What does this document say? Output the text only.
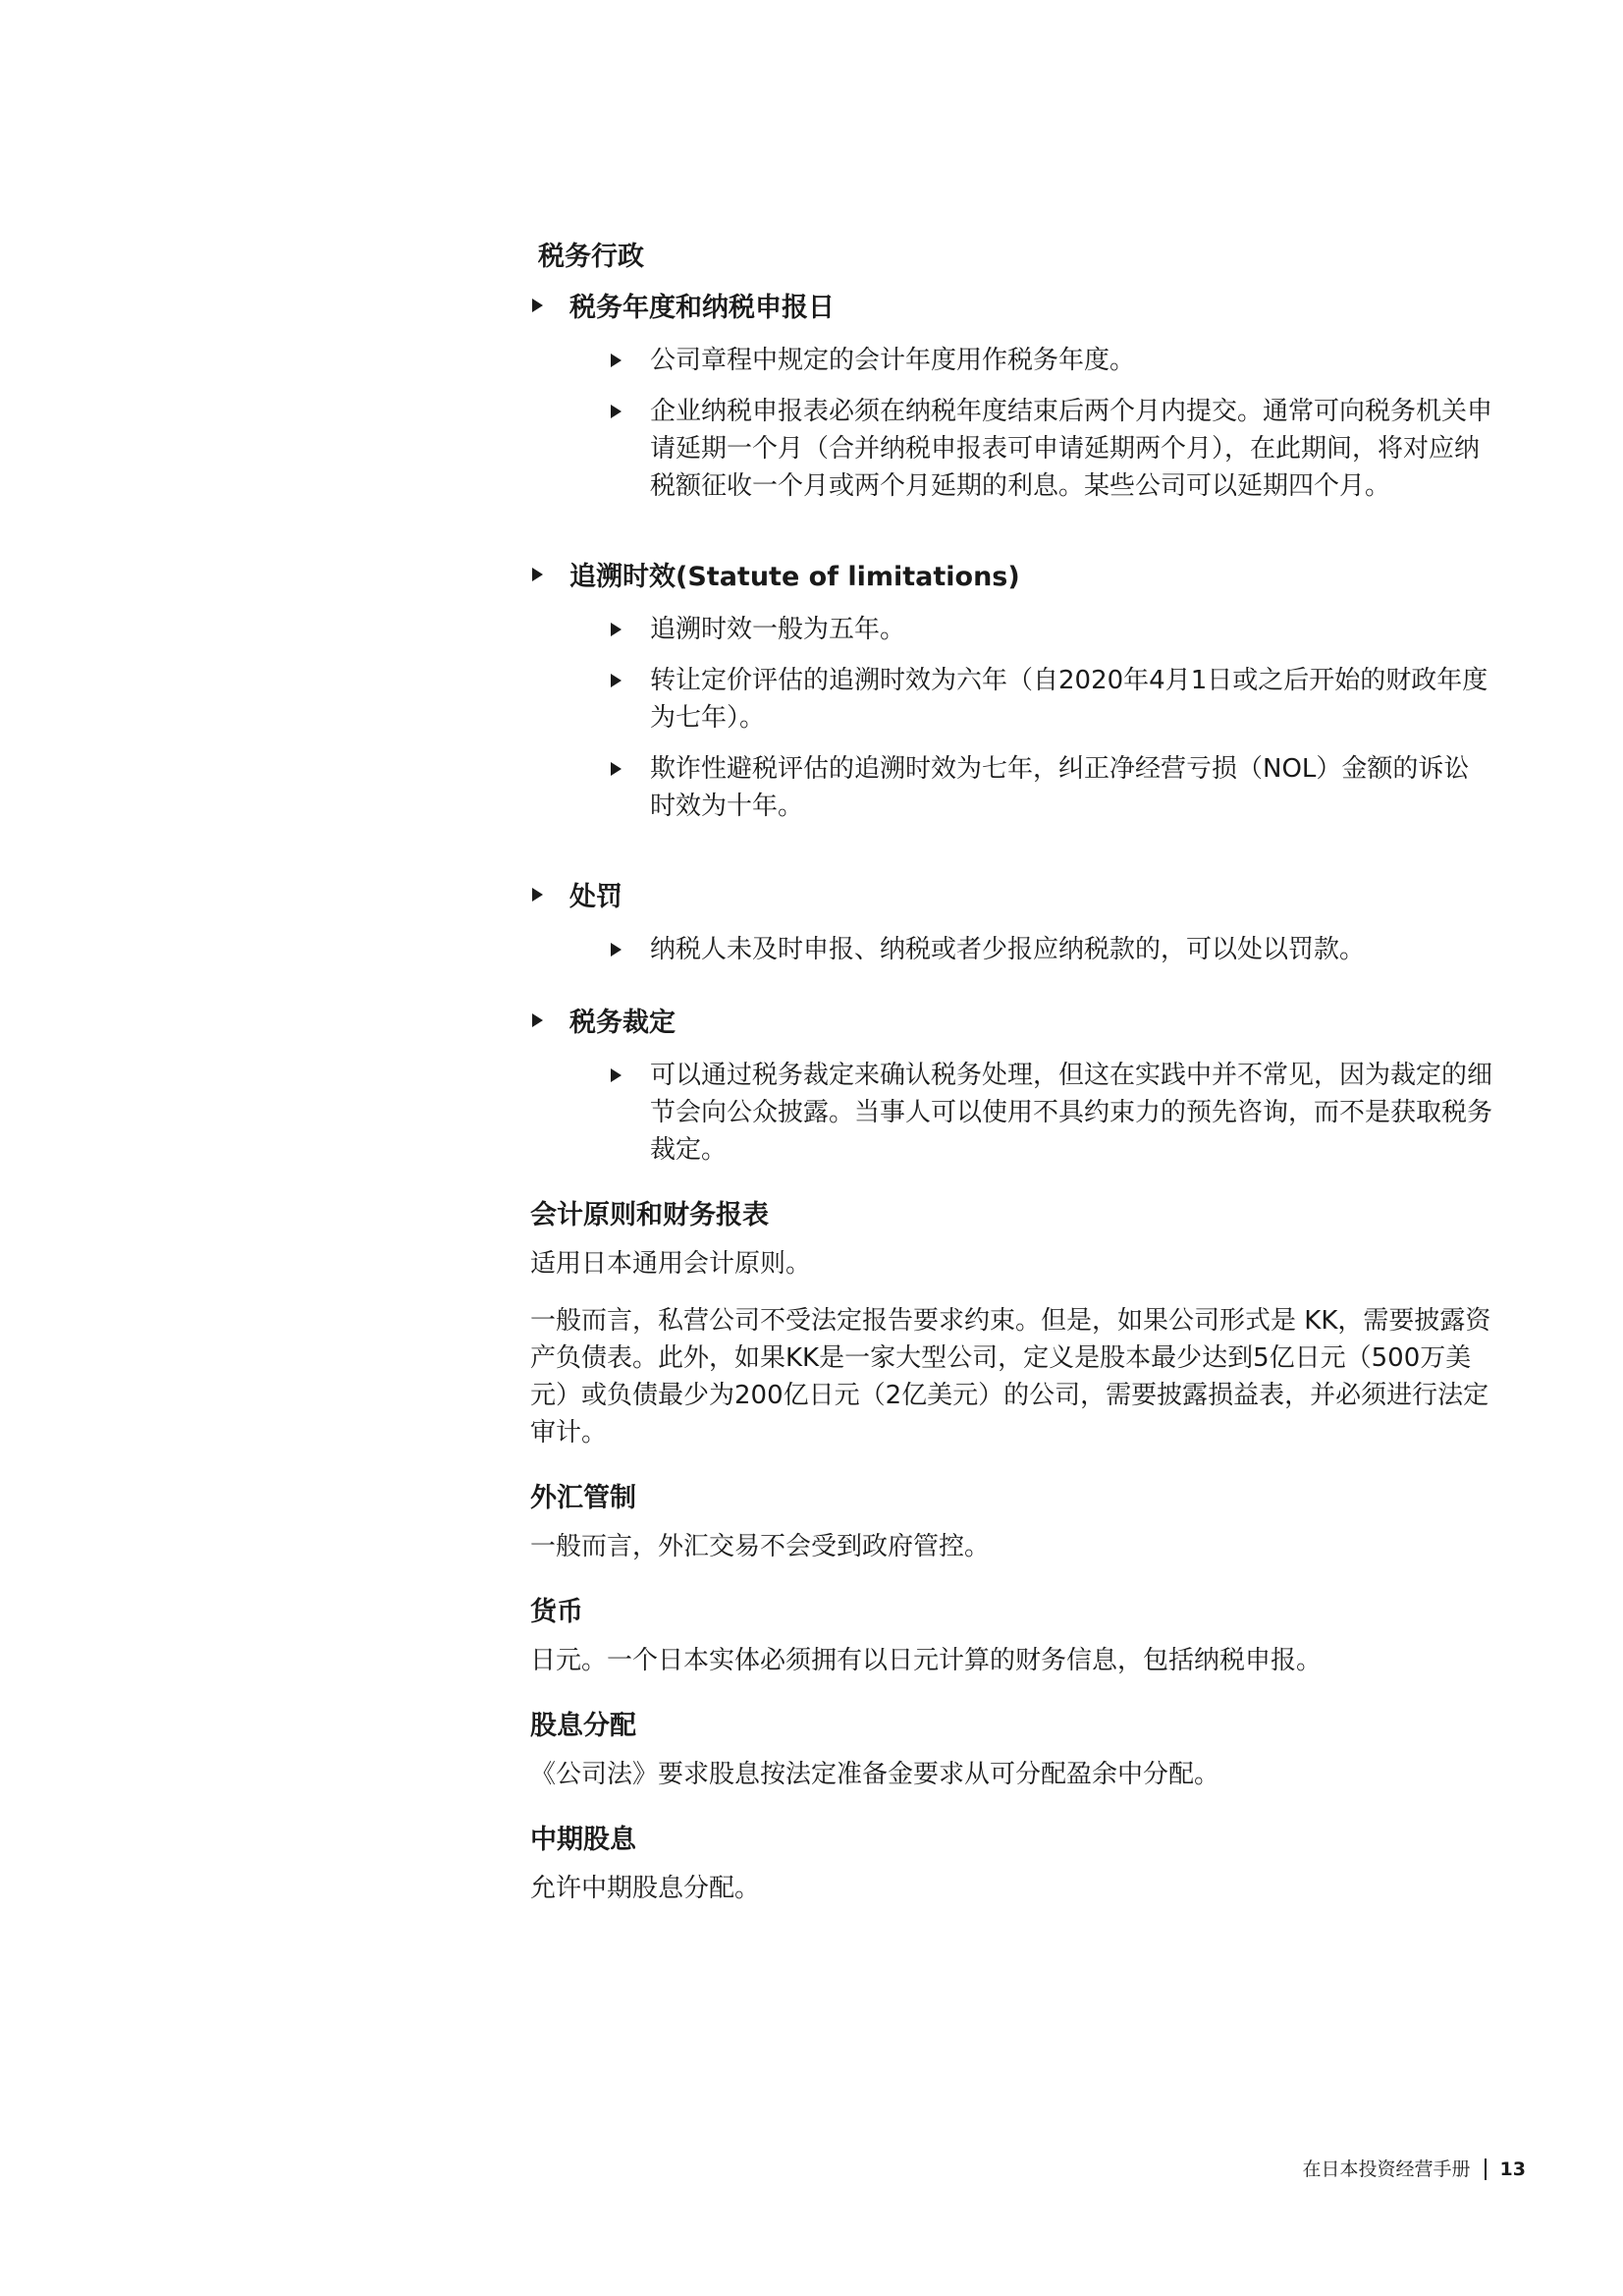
税务行政
税务年度和纳税申报日
公司章程中规定的会计年度用作税务年度。
企业纳税申报表必须在纳税年度结束后两个月内提交。通常可向税务机关申请延期一个月（合并纳税申报表可申请延期两个月），在此期间，将对应纳税额征收一个月或两个月延期的利息。某些公司可以延期四个月。
追溯时效(Statute of limitations)
追溯时效一般为五年。
转让定价评估的追溯时效为六年（自2020年4月1日或之后开始的财政年度为七年）。
欺诈性避税评估的追溯时效为七年，纠正净经营亏损（NOL）金额的诉讼时效为十年。
处罚
纳税人未及时申报、纳税或者少报应纳税款的，可以处以罚款。
税务裁定
可以通过税务裁定来确认税务处理，但这在实践中并不常见，因为裁定的细节会向公众披露。当事人可以使用不具约束力的预先咨询，而不是获取税务裁定。
会计原则和财务报表
适用日本通用会计原则。
一般而言，私营公司不受法定报告要求约束。但是，如果公司形式是 KK，需要披露资产负债表。此外，如果KK是一家大型公司，定义是股本最少达到5亿日元（500万美元）或负债最少为200亿日元（2亿美元）的公司，需要披露损益表，并必须进行法定审计。
外汇管制
一般而言，外汇交易不会受到政府管控。
货币
日元。一个日本实体必须拥有以日元计算的财务信息，包括纳税申报。
股息分配
《公司法》要求股息按法定准备金要求从可分配盈余中分配。
中期股息
允许中期股息分配。
在日本投资经营手册 13
